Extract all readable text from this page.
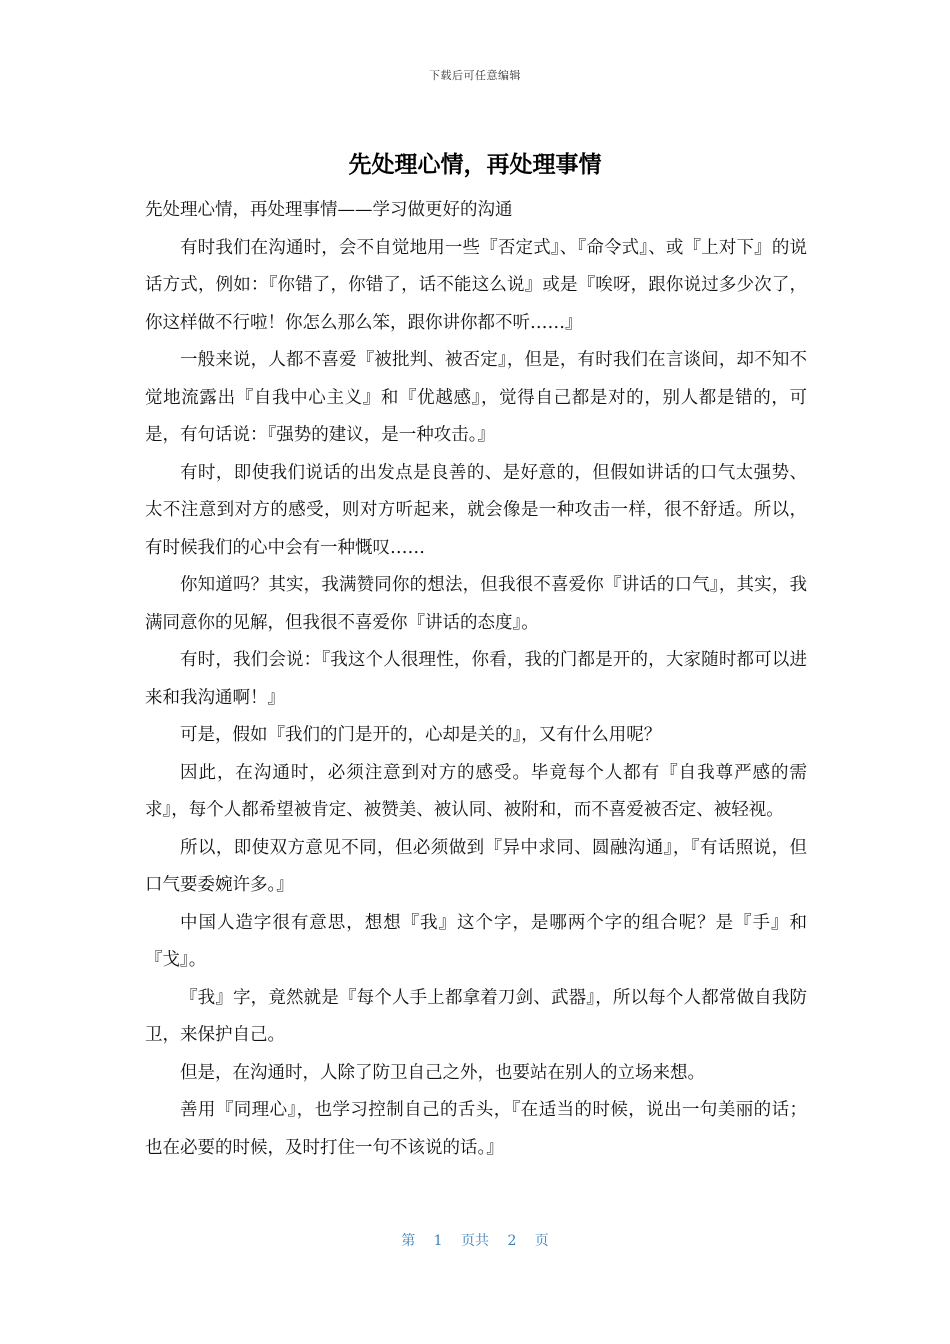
下载后可任意编辑
先处理心情，再处理事情

先处理心情，再处理事情——学习做更好的沟通

有时我们在沟通时，会不自觉地用一些『否定式』、『命令式』、或『上对下』的说话方式，例如：『你错了，你错了，话不能这么说』或是『唉呀，跟你说过多少次了，你这样做不行啦！你怎么那么笨，跟你讲你都不听……』

一般来说，人都不喜爱『被批判、被否定』，但是，有时我们在言谈间，却不知不觉地流露出『自我中心主义』和『优越感』，觉得自己都是对的，别人都是错的，可是，有句话说：『强势的建议，是一种攻击。』

有时，即使我们说话的出发点是良善的、是好意的，但假如讲话的口气太强势、太不注意到对方的感受，则对方听起来，就会像是一种攻击一样，很不舒适。所以，有时候我们的心中会有一种慨叹……

你知道吗？其实，我满赞同你的想法，但我很不喜爱你『讲话的口气』，其实，我满同意你的见解，但我很不喜爱你『讲话的态度』。

有时，我们会说：『我这个人很理性，你看，我的门都是开的，大家随时都可以进来和我沟通啊！』

可是，假如『我们的门是开的，心却是关的』，又有什么用呢？

因此，在沟通时，必须注意到对方的感受。毕竟每个人都有『自我尊严感的需求』，每个人都希望被肯定、被赞美、被认同、被附和，而不喜爱被否定、被轻视。

所以，即使双方意见不同，但必须做到『异中求同、圆融沟通』，『有话照说，但口气要委婉许多。』

中国人造字很有意思，想想『我』这个字，是哪两个字的组合呢？是『手』和『戈』。

『我』字，竟然就是『每个人手上都拿着刀剑、武器』，所以每个人都常做自我防卫，来保护自己。

但是，在沟通时，人除了防卫自己之外，也要站在别人的立场来想。

善用『同理心』，也学习控制自己的舌头，『在适当的时候，说出一句美丽的话；也在必要的时候，及时打住一句不该说的话。』

第 1 页共 2 页
